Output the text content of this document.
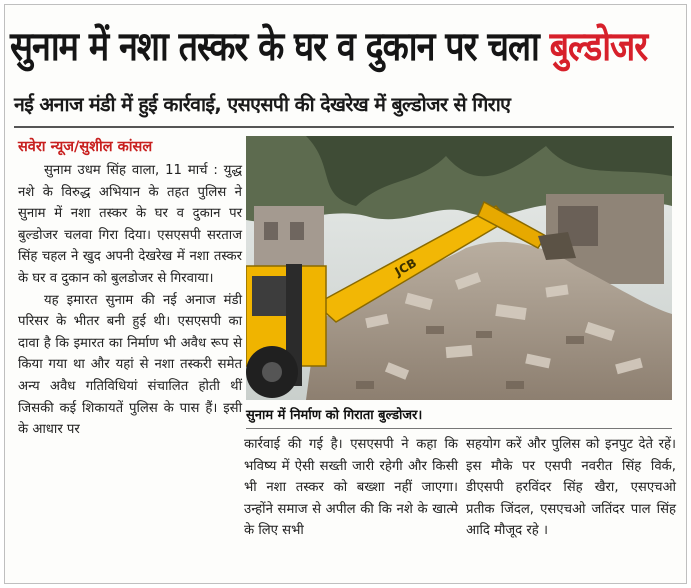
सुनाम में नशा तस्कर के घर व दुकान पर चला बुल्डोजर
नई अनाज मंडी में हुई कार्रवाई, एसएसपी की देखरेख में बुल्डोजर से गिराए
सवेरा न्यूज/सुशील कांसल

सुनाम उधम सिंह वाला, 11 मार्च : युद्ध नशे के विरुद्ध अभियान के तहत पुलिस ने सुनाम में नशा तस्कर के घर व दुकान पर बुल्डोजर चलवा गिरा दिया। एसएसपी सरताज सिंह चहल ने खुद अपनी देखरेख में नशा तस्कर के घर व दुकान को बुलडोजर से गिरवाया।

यह इमारत सुनाम की नई अनाज मंडी परिसर के भीतर बनी हुई थी। एसएसपी का दावा है कि इमारत का निर्माण भी अवैध रूप से किया गया था और यहां से नशा तस्करी समेत अन्य अवैध गतिविधियां संचालित होती थीं जिसकी कई शिकायतें पुलिस के पास हैं। इसी के आधार पर

JCB
सुनाम में निर्माण को गिराता बुल्डोजर।

कार्रवाई की गई है। एसएसपी ने कहा कि भविष्य में ऐसी सख्ती जारी रहेगी और किसी भी नशा तस्कर को बख्शा नहीं जाएगा। उन्होंने समाज से अपील की कि नशे के खात्मे के लिए सभी

सहयोग करें और पुलिस को इनपुट देते रहें। इस मौके पर एसपी नवरीत सिंह विर्क, डीएसपी हरविंदर सिंह खैरा, एसएचओ प्रतीक जिंदल, एसएचओ जतिंदर पाल सिंह आदि मौजूद रहे ।
